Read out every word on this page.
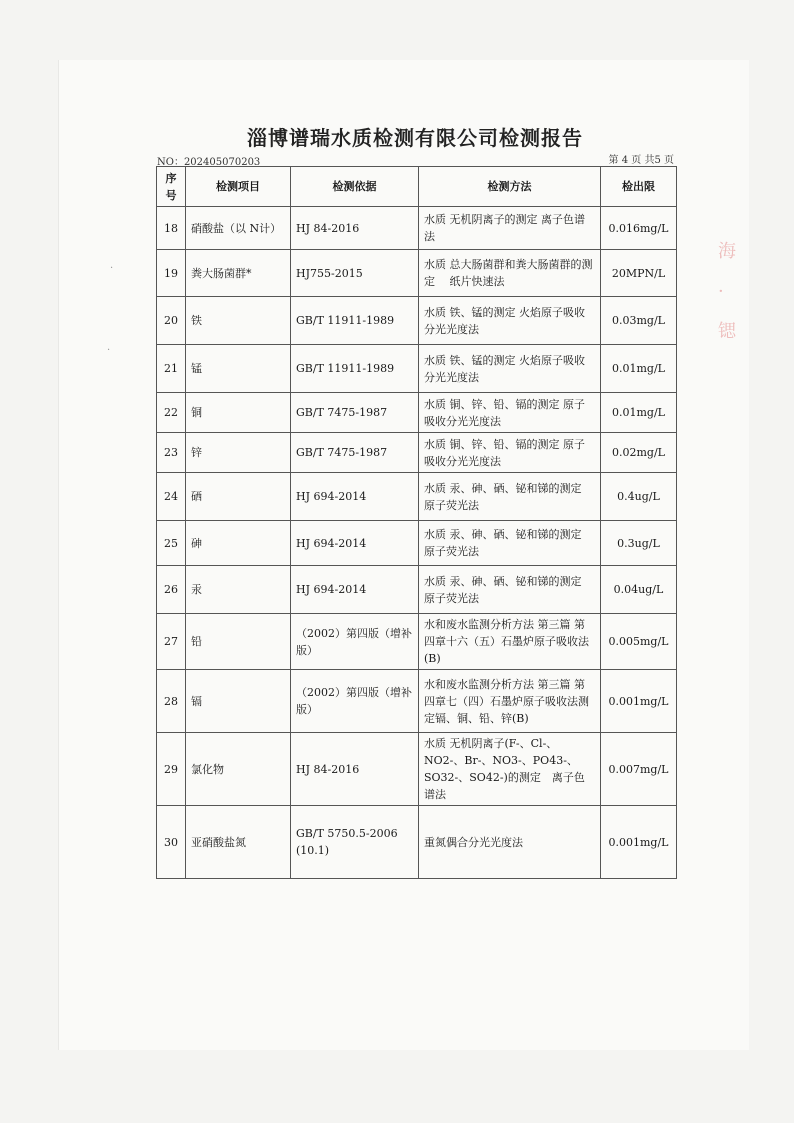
淄博谱瑞水质检测有限公司检测报告
NO：202405070203	第 4 页 共5 页
海 · 锶
·
·
序号	检测项目	检测依据	检测方法	检出限
18	硝酸盐（以 N计）	HJ 84-2016	水质 无机阴离子的测定 离子色谱法	0.016mg/L
19	粪大肠菌群*	HJ755-2015	水质 总大肠菌群和粪大肠菌群的测定　 纸片快速法	20MPN/L
20	铁	GB/T 11911-1989	水质 铁、锰的测定 火焰原子吸收分光光度法	0.03mg/L
21	锰	GB/T 11911-1989	水质 铁、锰的测定 火焰原子吸收分光光度法	0.01mg/L
22	铜	GB/T 7475-1987	水质 铜、锌、铅、镉的测定 原子吸收分光光度法	0.01mg/L
23	锌	GB/T 7475-1987	水质 铜、锌、铅、镉的测定 原子吸收分光光度法	0.02mg/L
24	硒	HJ 694-2014	水质 汞、砷、硒、铋和锑的测定 原子荧光法	0.4ug/L
25	砷	HJ 694-2014	水质 汞、砷、硒、铋和锑的测定 原子荧光法	0.3ug/L
26	汞	HJ 694-2014	水质 汞、砷、硒、铋和锑的测定 原子荧光法	0.04ug/L
27	铅	（2002）第四版（增补版）	水和废水监测分析方法 第三篇 第四章十六（五）石墨炉原子吸收法(B)	0.005mg/L
28	镉	（2002）第四版（增补版）	水和废水监测分析方法 第三篇 第四章七（四）石墨炉原子吸收法测定镉、铜、铅、锌(B)	0.001mg/L
29	氯化物	HJ 84-2016	水质 无机阴离子(F-、Cl-、NO2-、Br-、NO3-、PO43-、SO32-、SO42-)的测定　离子色谱法	0.007mg/L
30	亚硝酸盐氮	GB/T 5750.5-2006 (10.1)	重氮偶合分光光度法	0.001mg/L
